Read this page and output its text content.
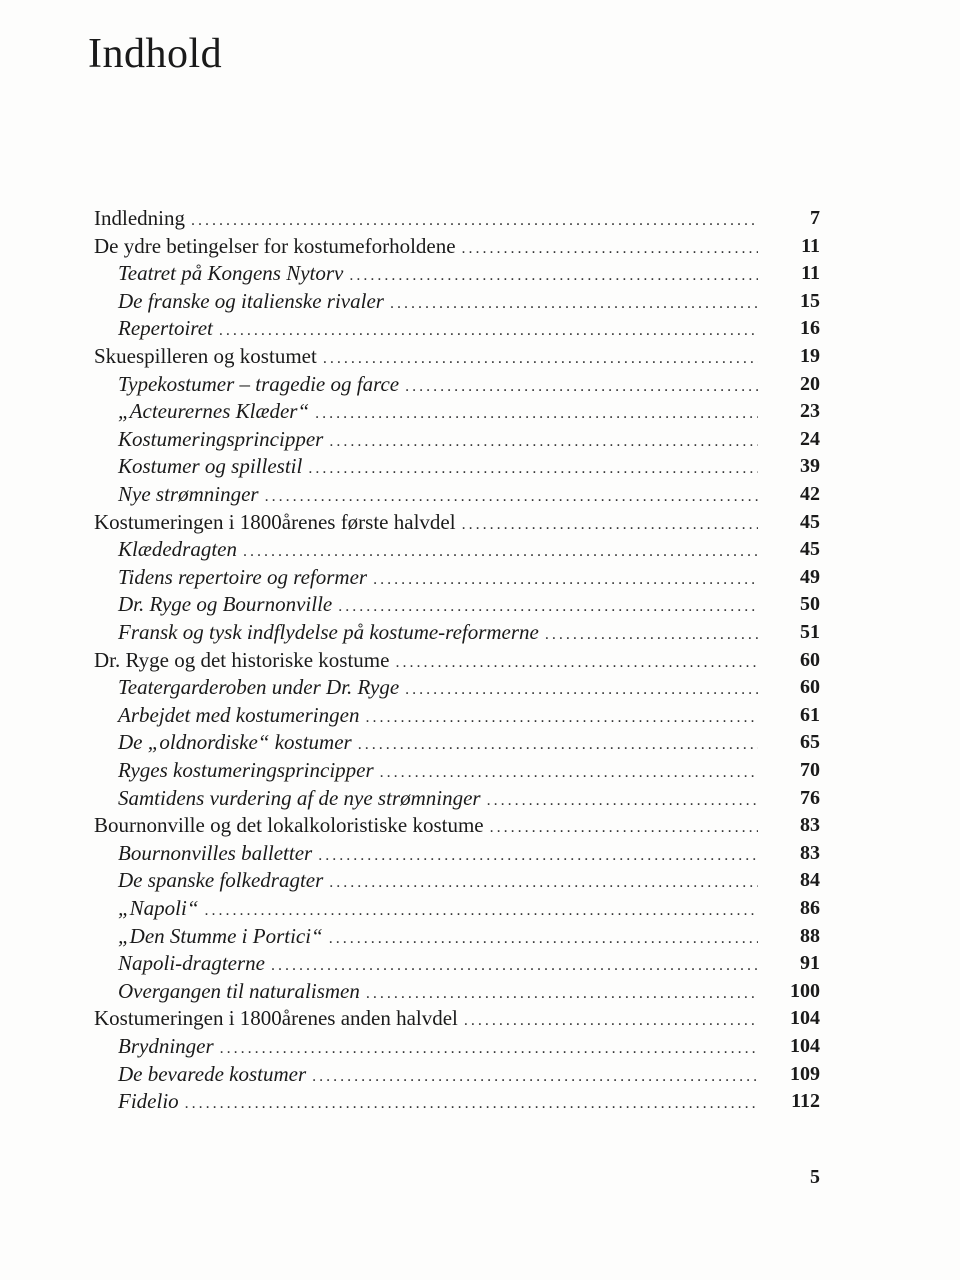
Indhold
Indledning . . .	7
De ydre betingelser for kostumeforholdene . . .	11
Teatret på Kongens Nytorv . . .	11
De franske og italienske rivaler . . .	15
Repertoiret . . .	16
Skuespilleren og kostumet . . .	19
Typekostumer – tragedie og farce . . .	20
„Acteurernes Klæder“ . . .	23
Kostumeringsprincipper . . .	24
Kostumer og spillestil . . .	39
Nye strømninger . . .	42
Kostumeringen i 1800årenes første halvdel . . .	45
Klædedragten . . .	45
Tidens repertoire og reformer . . .	49
Dr. Ryge og Bournonville . . .	50
Fransk og tysk indflydelse på kostume-reformerne . . .	51
Dr. Ryge og det historiske kostume . . .	60
Teatergarderoben under Dr. Ryge . . .	60
Arbejdet med kostumeringen . . .	61
De „oldnordiske“ kostumer . . .	65
Ryges kostumeringsprincipper . . .	70
Samtidens vurdering af de nye strømninger . . .	76
Bournonville og det lokalkoloristiske kostume . . .	83
Bournonvilles balletter . . .	83
De spanske folkedragter . . .	84
„Napoli“ . . .	86
„Den Stumme i Portici“ . . .	88
Napoli-dragterne . . .	91
Overgangen til naturalismen . . .	100
Kostumeringen i 1800årenes anden halvdel . . .	104
Brydninger . . .	104
De bevarede kostumer . . .	109
Fidelio . . .	112
5
